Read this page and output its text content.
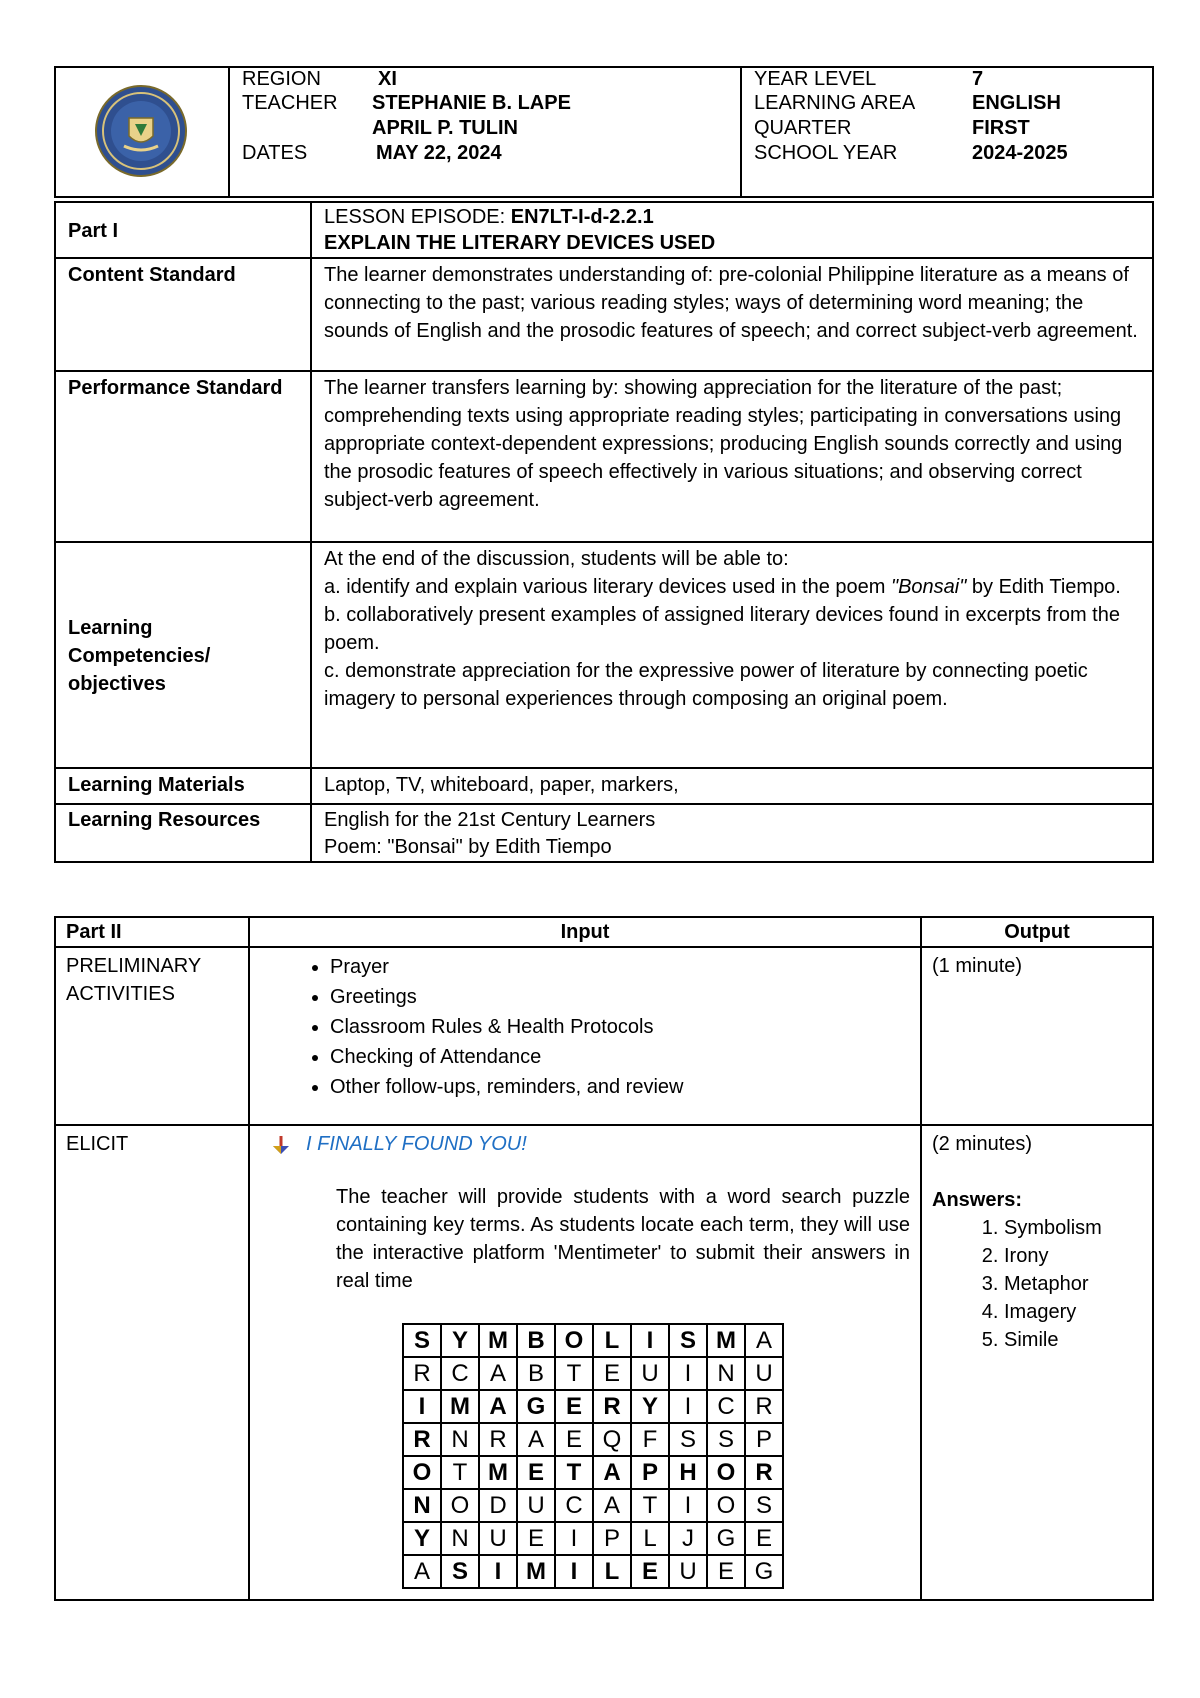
REGION	XI
TEACHER STEPHANIE B. LAPE
APRIL P. TULIN
DATES	MAY 22, 2024
YEAR LEVEL	7
LEARNING AREA	ENGLISH
QUARTER	FIRST
SCHOOL YEAR	2024-2025
Part I	LESSON EPISODE: EN7LT-I-d-2.2.1
EXPLAIN THE LITERARY DEVICES USED
Content Standard	The learner demonstrates understanding of: pre-colonial Philippine literature as a means of connecting to the past; various reading styles; ways of determining word meaning; the sounds of English and the prosodic features of speech; and correct subject-verb agreement.
Performance Standard	The learner transfers learning by: showing appreciation for the literature of the past; comprehending texts using appropriate reading styles; participating in conversations using appropriate context-dependent expressions; producing English sounds correctly and using the prosodic features of speech effectively in various situations; and observing correct subject-verb agreement.
Learning Competencies/ objectives	At the end of the discussion, students will be able to:
a. identify and explain various literary devices used in the poem "Bonsai" by Edith Tiempo.
b. collaboratively present examples of assigned literary devices found in excerpts from the poem.
c. demonstrate appreciation for the expressive power of literature by connecting poetic imagery to personal experiences through composing an original poem.

Learning Materials	Laptop, TV, whiteboard, paper, markers,
Learning Resources	English for the 21st Century Learners
Poem: "Bonsai" by Edith Tiempo
Part II	Input	Output
PRELIMINARY ACTIVITIES	
• Prayer
• Greetings
• Classroom Rules & Health Protocols
• Checking of Attendance
• Other follow-ups, reminders, and review
	(1 minute)
ELICIT	I FINALLY FOUND YOU!
The teacher will provide students with a word search puzzle containing key terms. As students locate each term, they will use the interactive platform 'Mentimeter' to submit their answers in real time
S	Y	M	B	O	L	I	S	M	A
R	C	A	B	T	E	U	I	N	U
I	M	A	G	E	R	Y	I	C	R
R	N	R	A	E	Q	F	S	S	P
O	T	M	E	T	A	P	H	O	R
N	O	D	U	C	A	T	I	O	S
Y	N	U	E	I	P	L	J	G	E
A	S	I	M	I	L	E	U	E	G

(2 minutes)
Answers:
1. Symbolism
2. Irony
3. Metaphor
4. Imagery
5. Simile
